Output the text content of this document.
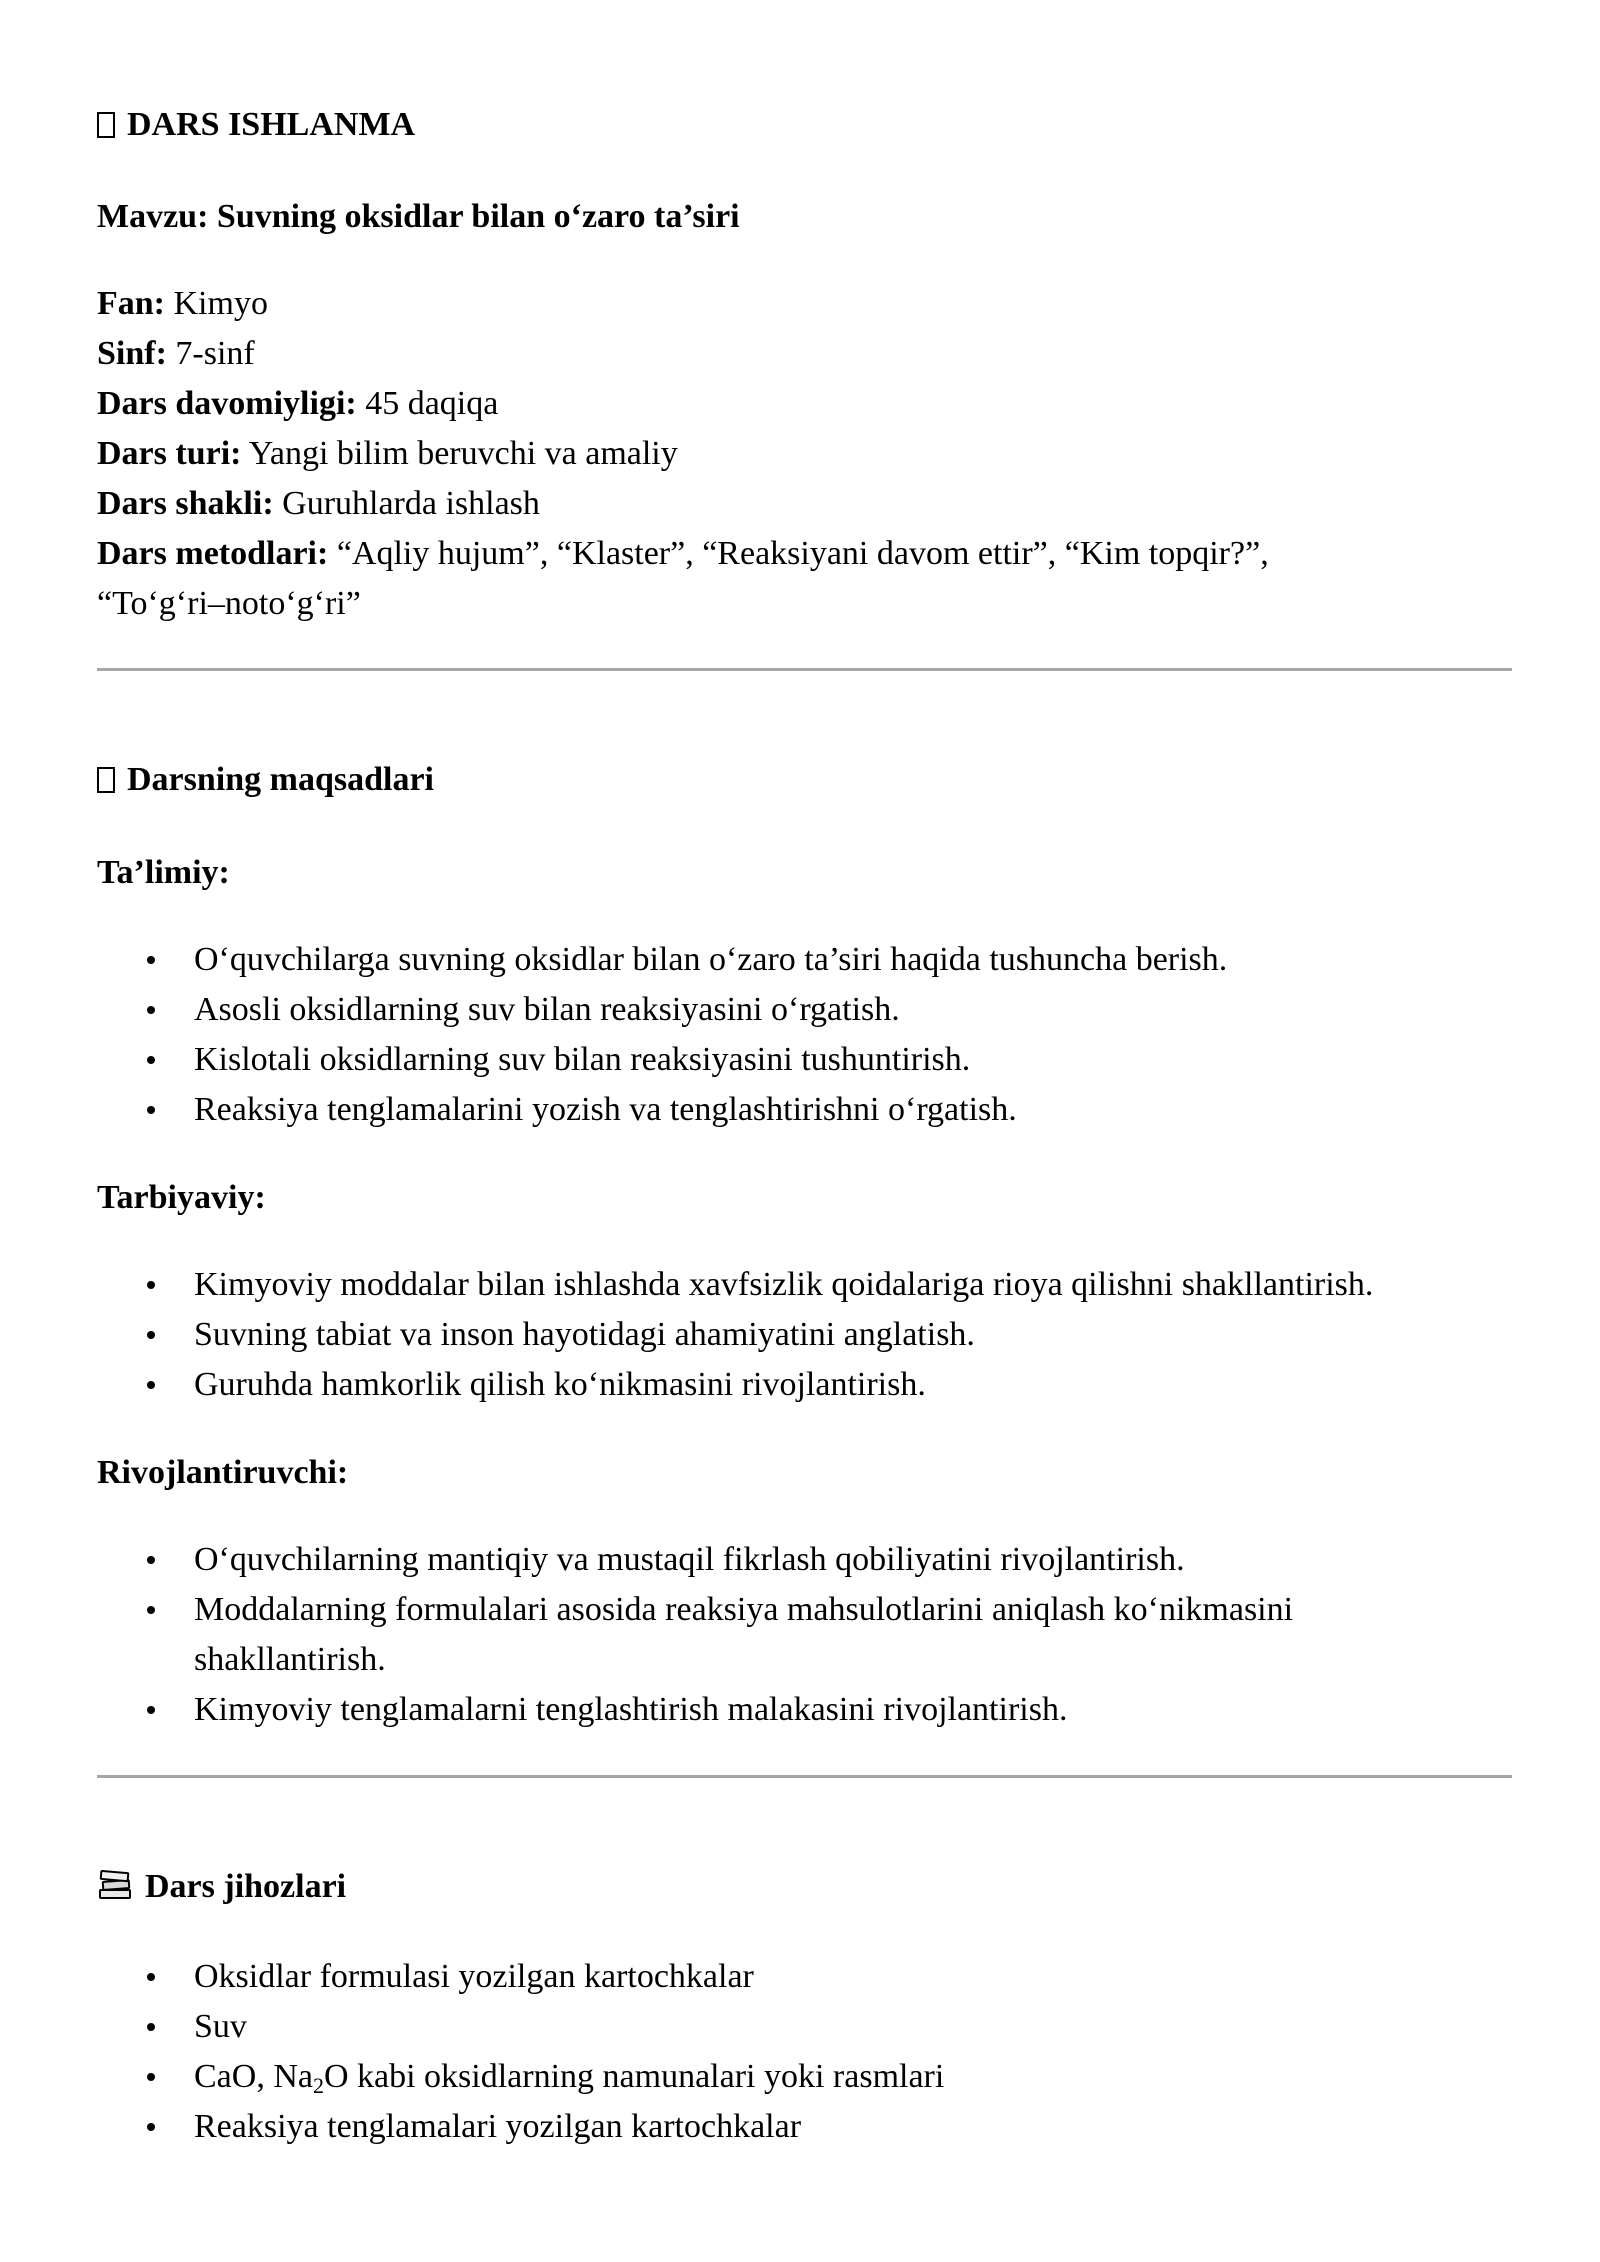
DARS ISHLANMA
Mavzu: Suvning oksidlar bilan o‘zaro ta’siri
Fan: Kimyo
Sinf: 7-sinf
Dars davomiyligi: 45 daqiqa
Dars turi: Yangi bilim beruvchi va amaliy
Dars shakli: Guruhlarda ishlash
Dars metodlari: “Aqliy hujum”, “Klaster”, “Reaksiyani davom ettir”, “Kim topqir?”,
“To‘g‘ri–noto‘g‘ri”
Darsning maqsadlari
Ta’limiy:
O‘quvchilarga suvning oksidlar bilan o‘zaro ta’siri haqida tushuncha berish.
Asosli oksidlarning suv bilan reaksiyasini o‘rgatish.
Kislotali oksidlarning suv bilan reaksiyasini tushuntirish.
Reaksiya tenglamalarini yozish va tenglashtirishni o‘rgatish.
Tarbiyaviy:
Kimyoviy moddalar bilan ishlashda xavfsizlik qoidalariga rioya qilishni shakllantirish.
Suvning tabiat va inson hayotidagi ahamiyatini anglatish.
Guruhda hamkorlik qilish ko‘nikmasini rivojlantirish.
Rivojlantiruvchi:
O‘quvchilarning mantiqiy va mustaqil fikrlash qobiliyatini rivojlantirish.
Moddalarning formulalari asosida reaksiya mahsulotlarini aniqlash ko‘nikmasini
shakllantirish.
Kimyoviy tenglamalarni tenglashtirish malakasini rivojlantirish.
Dars jihozlari
Oksidlar formulasi yozilgan kartochkalar
Suv
CaO, $Na_2O$ kabi oksidlarning namunalari yoki rasmlari
Reaksiya tenglamalari yozilgan kartochkalar
